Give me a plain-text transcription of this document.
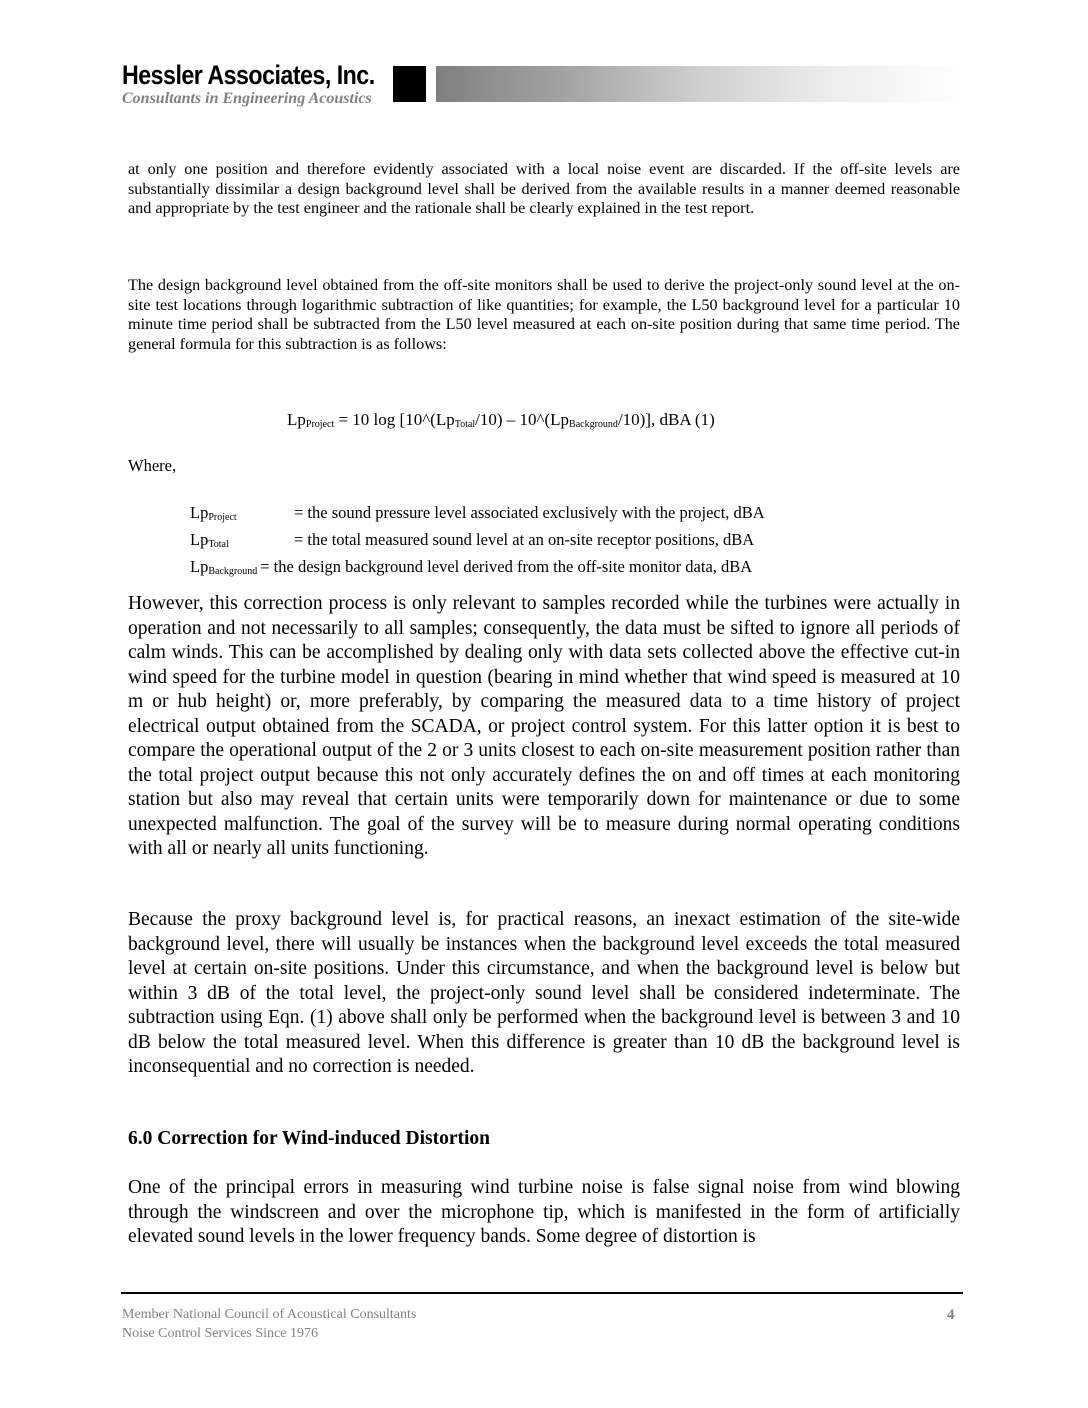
Hessler Associates, Inc.
Consultants in Engineering Acoustics
at only one position and therefore evidently associated with a local noise event are discarded. If the off-site levels are substantially dissimilar a design background level shall be derived from the available results in a manner deemed reasonable and appropriate by the test engineer and the rationale shall be clearly explained in the test report.
The design background level obtained from the off-site monitors shall be used to derive the project-only sound level at the on-site test locations through logarithmic subtraction of like quantities; for example, the L50 background level for a particular 10 minute time period shall be subtracted from the L50 level measured at each on-site position during that same time period. The general formula for this subtraction is as follows:
$Lp_{Project} = 10$ $\log [10\^{}(Lp_{Total}/10)$ – $10\^{}(Lp_{Background}/10)$], dBA (1)
Where,
$Lp_{Project}$	= the sound pressure level associated exclusively with the project, dBA
$Lp_{Total}$	= the total measured sound level at an on-site receptor positions, dBA
$Lp_{Background}$ = the design background level derived from the off-site monitor data, dBA
However, this correction process is only relevant to samples recorded while the turbines were actually in operation and not necessarily to all samples; consequently, the data must be sifted to ignore all periods of calm winds. This can be accomplished by dealing only with data sets collected above the effective cut-in wind speed for the turbine model in question (bearing in mind whether that wind speed is measured at 10 m or hub height) or, more preferably, by comparing the measured data to a time history of project electrical output obtained from the SCADA, or project control system. For this latter option it is best to compare the operational output of the 2 or 3 units closest to each on-site measurement position rather than the total project output because this not only accurately defines the on and off times at each monitoring station but also may reveal that certain units were temporarily down for maintenance or due to some unexpected malfunction. The goal of the survey will be to measure during normal operating conditions with all or nearly all units functioning.
Because the proxy background level is, for practical reasons, an inexact estimation of the site-wide background level, there will usually be instances when the background level exceeds the total measured level at certain on-site positions. Under this circumstance, and when the background level is below but within 3 dB of the total level, the project-only sound level shall be considered indeterminate. The subtraction using Eqn. (1) above shall only be performed when the background level is between 3 and 10 dB below the total measured level. When this difference is greater than 10 dB the background level is inconsequential and no correction is needed.
6.0 Correction for Wind-induced Distortion
One of the principal errors in measuring wind turbine noise is false signal noise from wind blowing through the windscreen and over the microphone tip, which is manifested in the form of artificially elevated sound levels in the lower frequency bands. Some degree of distortion is
Member National Council of Acoustical Consultants
Noise Control Services Since 1976
4
